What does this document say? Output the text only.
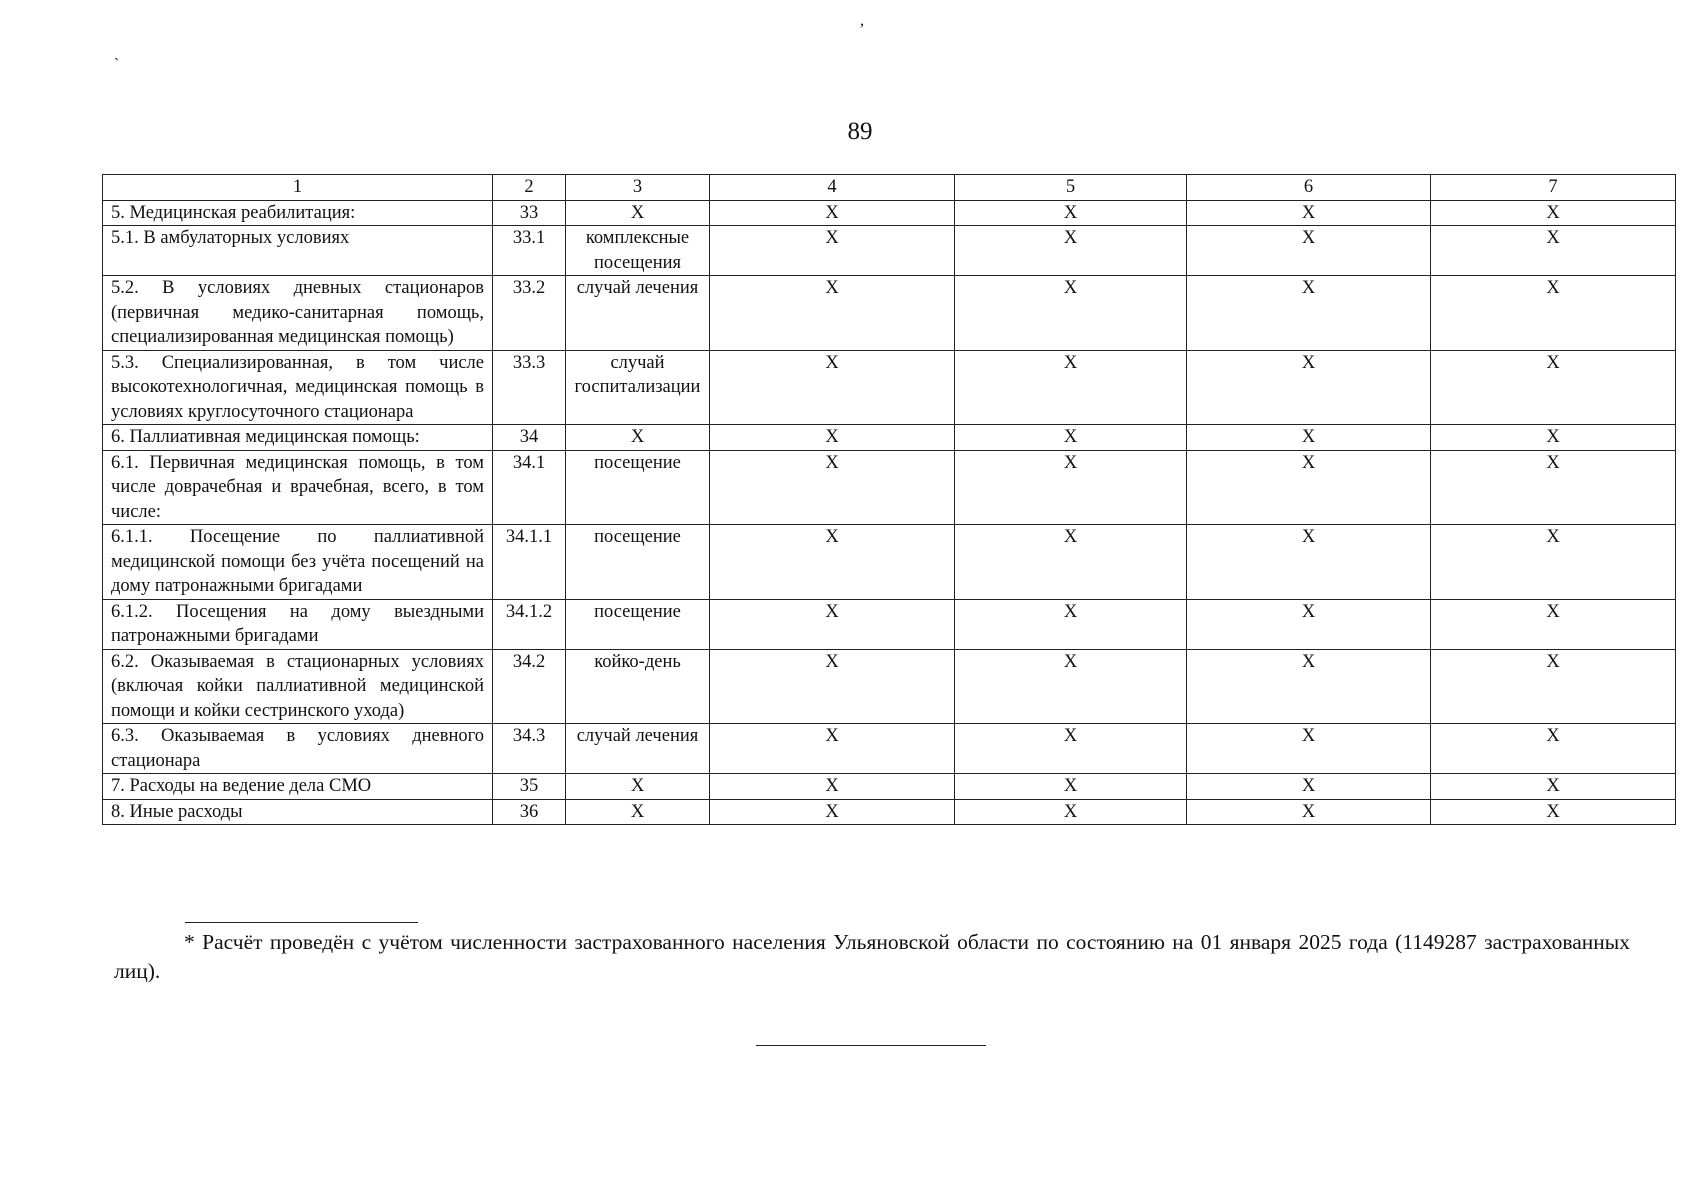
,
`
89
1	2	3	4	5	6	7
5. Медицинская реабилитация:	33	X	X	X	X	X
5.1. В амбулаторных условиях	33.1	комплексные посещения	X	X	X	X
5.2. В условиях дневных стационаров (первичная медико-санитарная помощь, специализированная медицинская помощь)	33.2	случай лечения	X	X	X	X
5.3. Специализированная, в том числе высокотехнологичная, медицинская помощь в условиях круглосуточного стационара	33.3	случай госпитализации	X	X	X	X
6. Паллиативная медицинская помощь:	34	X	X	X	X	X
6.1. Первичная медицинская помощь, в том числе доврачебная и врачебная, всего, в том числе:	34.1	посещение	X	X	X	X
6.1.1. Посещение по паллиативной медицинской помощи без учёта посещений на дому патронажными бригадами	34.1.1	посещение	X	X	X	X
6.1.2. Посещения на дому выездными патронажными бригадами	34.1.2	посещение	X	X	X	X
6.2. Оказываемая в стационарных условиях (включая койки паллиативной медицинской помощи и койки сестринского ухода)	34.2	койко-день	X	X	X	X
6.3. Оказываемая в условиях дневного стационара	34.3	случай лечения	X	X	X	X
7. Расходы на ведение дела СМО	35	X	X	X	X	X
8. Иные расходы	36	X	X	X	X	X
* Расчёт проведён с учётом численности застрахованного населения Ульяновской области по состоянию на 01 января 2025 года (1149287 застрахованных лиц).
